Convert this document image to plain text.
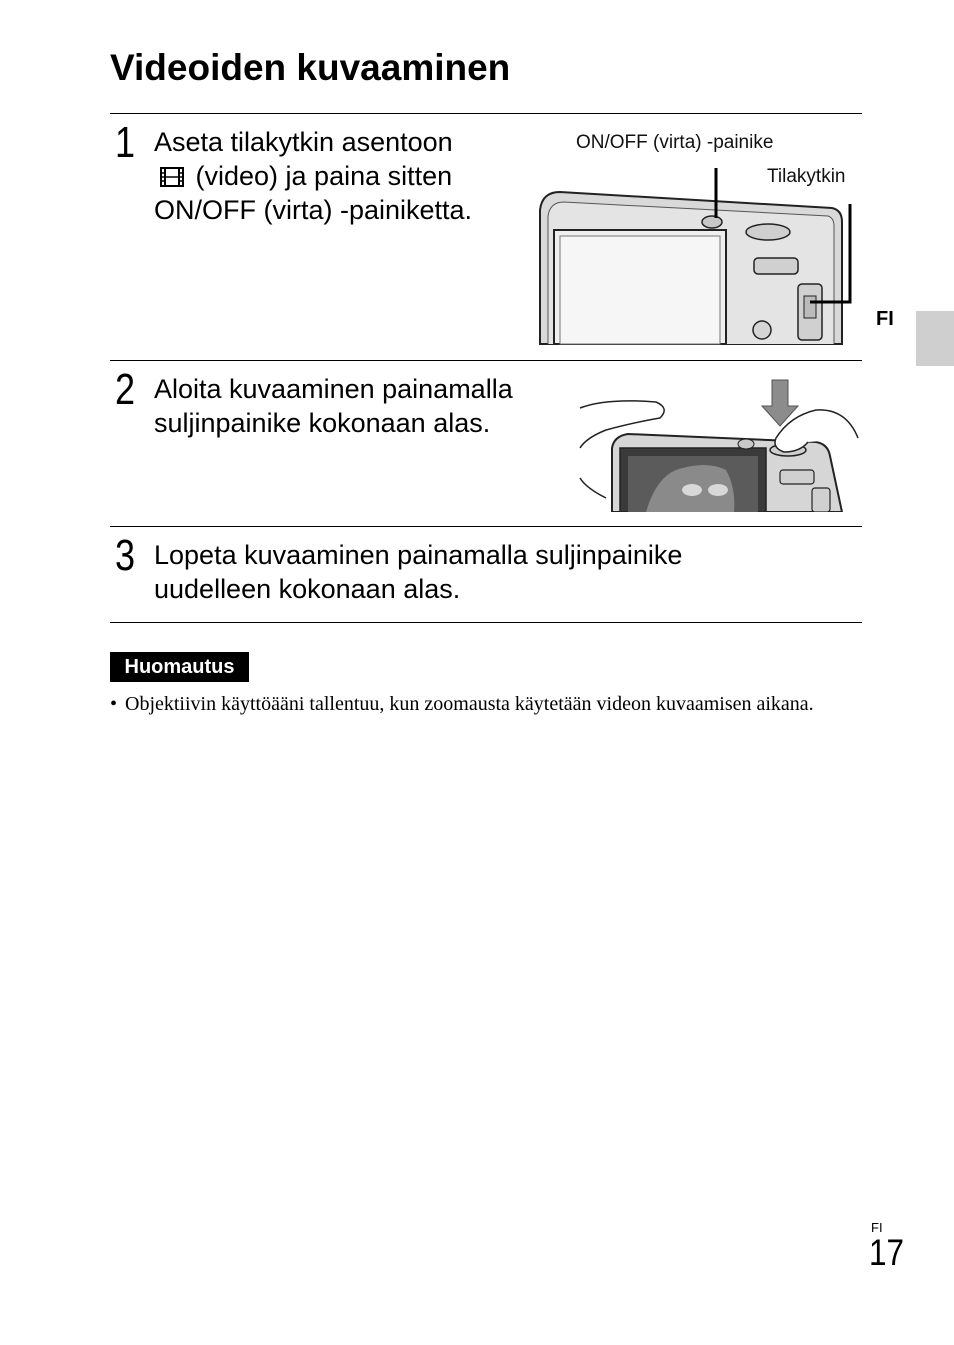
Videoiden kuvaaminen
FI
1 Aseta tilakytkin asentoon
(video) ja paina sitten
ON/OFF (virta) -painiketta.
ON/OFF (virta) -painike
Tilakytkin
2 Aloita kuvaaminen painamalla
suljinpainike kokonaan alas.
3 Lopeta kuvaaminen painamalla suljinpainike
uudelleen kokonaan alas.
Huomautus
• Objektiivin käyttöääni tallentuu, kun zoomausta käytetään videon kuvaamisen aikana.
FI
17
